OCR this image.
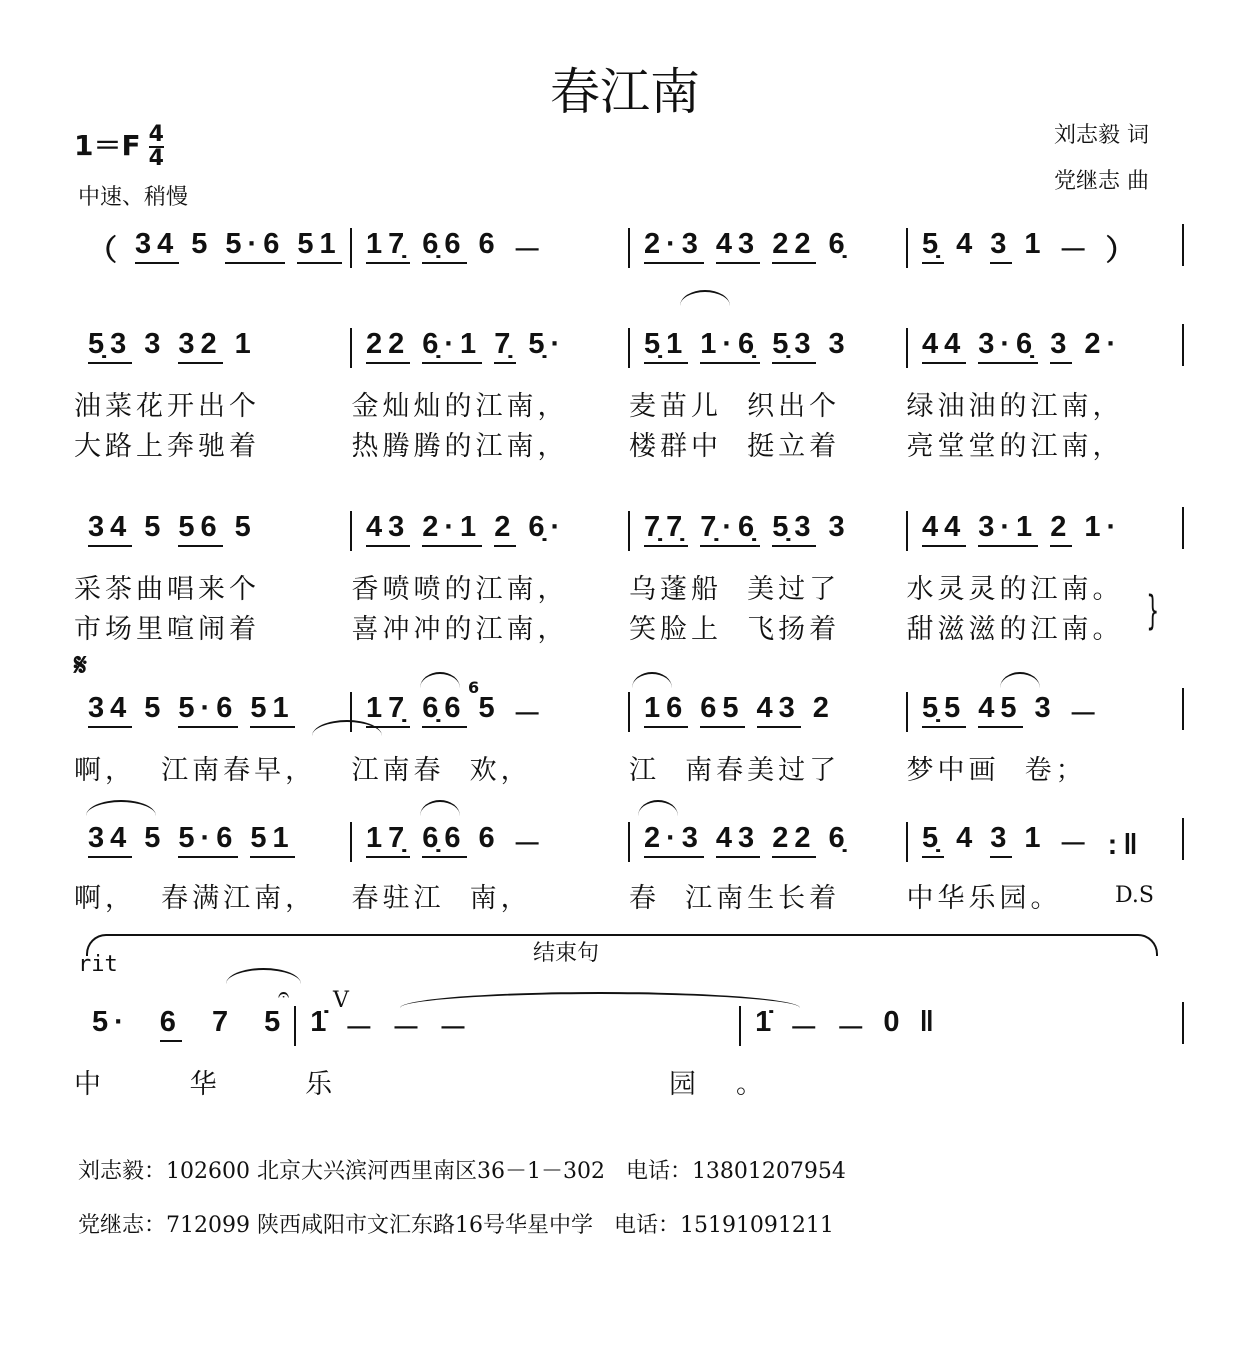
春江南
$1=F \frac{4}{4}$
中速、稍慢
刘志毅 词
党继志 曲
（ 34 5 5·6 51 17̣ 6̣6 6 －	2·3 43 22 6̣ 5̣ 4 3 1 － ）
5̣3 3 32 1	22 6̣·1 7̣ 5̣·	5̣1 1·6̣ 5̣3 3 44 3·6̣ 3 2·
油菜花开出个	金灿灿的江南，	麦苗儿  织出个	绿油油的江南，
大路上奔驰着	热腾腾的江南，	楼群中  挺立着	亮堂堂的江南，
34 5 56 5	43 2·1 2 6̣·	7̣7̣ 7̣·6̣ 5̣3 3 44 3·1 2 1·
采茶曲唱来个	香喷喷的江南，	乌蓬船  美过了	水灵灵的江南。
市场里喧闹着	喜冲冲的江南，	笑脸上  飞扬着	甜滋滋的江南。
34 5 5·6 51 17̣ 6̣6 5 －	16 65 43 2	5̣5 45 3 －
啊，  江南春早，	江南春  欢，	江  南春美过了	梦中画  卷；
34 5 5·6 51 17̣ 6̣6 6 －	2·3 43 22 6̣ 5̣ 4 3 1 － :‖
啊，  春满江南，	春驻江  南，	春  江南生长着	中华乐园。
5· 6 7 5 1̇ － － －	1̇ － － 0 ‖
中 华 乐	园。
6
𝄋
D.S
}
rit	结束句
V
𝄐
刘志毅：102600 北京大兴滨河西里南区36－1－302   电话：13801207954
党继志：712099 陕西咸阳市文汇东路16号华星中学   电话：15191091211
